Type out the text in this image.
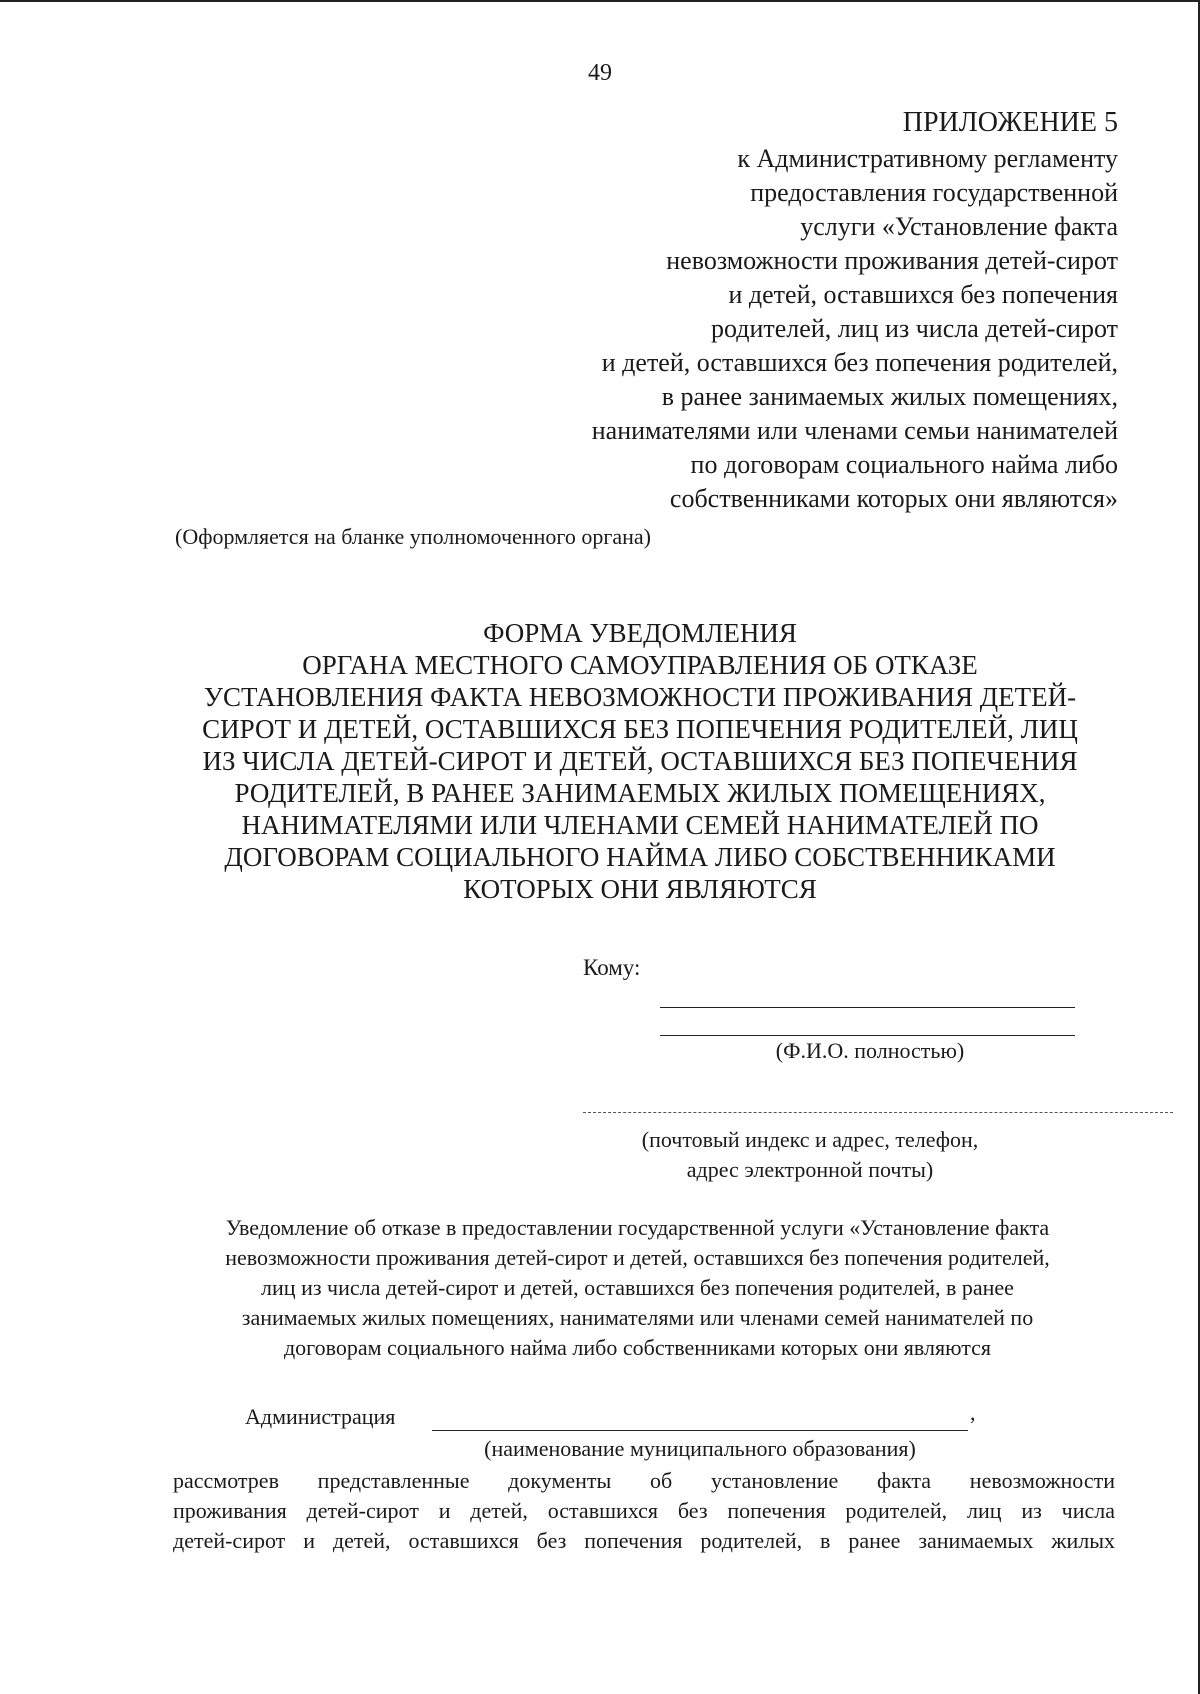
49
ПРИЛОЖЕНИЕ 5
к Административному регламенту
предоставления государственной
услуги «Установление факта
невозможности проживания детей-сирот
и детей, оставшихся без попечения
родителей, лиц из числа детей-сирот
и детей, оставшихся без попечения родителей,
в ранее занимаемых жилых помещениях,
нанимателями или членами семьи нанимателей
по договорам социального найма либо
собственниками которых они являются»
(Оформляется на бланке уполномоченного органа)
ФОРМА УВЕДОМЛЕНИЯ
ОРГАНА МЕСТНОГО САМОУПРАВЛЕНИЯ ОБ ОТКАЗЕ
УСТАНОВЛЕНИЯ ФАКТА НЕВОЗМОЖНОСТИ ПРОЖИВАНИЯ ДЕТЕЙ-
СИРОТ И ДЕТЕЙ, ОСТАВШИХСЯ БЕЗ ПОПЕЧЕНИЯ РОДИТЕЛЕЙ, ЛИЦ
ИЗ ЧИСЛА ДЕТЕЙ-СИРОТ И ДЕТЕЙ, ОСТАВШИХСЯ БЕЗ ПОПЕЧЕНИЯ
РОДИТЕЛЕЙ, В РАНЕЕ ЗАНИМАЕМЫХ ЖИЛЫХ ПОМЕЩЕНИЯХ,
НАНИМАТЕЛЯМИ ИЛИ ЧЛЕНАМИ СЕМЕЙ НАНИМАТЕЛЕЙ ПО
ДОГОВОРАМ СОЦИАЛЬНОГО НАЙМА ЛИБО СОБСТВЕННИКАМИ
КОТОРЫХ ОНИ ЯВЛЯЮТСЯ
Кому:
(Ф.И.О. полностью)
(почтовый индекс и адрес, телефон,
адрес электронной почты)
Уведомление об отказе в предоставлении государственной услуги «Установление факта
невозможности проживания детей-сирот и детей, оставшихся без попечения родителей,
лиц из числа детей-сирот и детей, оставшихся без попечения родителей, в ранее
занимаемых жилых помещениях, нанимателями или членами семей нанимателей по
договорам социального найма либо собственниками которых они являются
Администрация	,
(наименование муниципального образования)
рассмотрев представленные документы об установление факта невозможности
проживания детей-сирот и детей, оставшихся без попечения родителей, лиц из числа
детей-сирот и детей, оставшихся без попечения родителей, в ранее занимаемых жилых
